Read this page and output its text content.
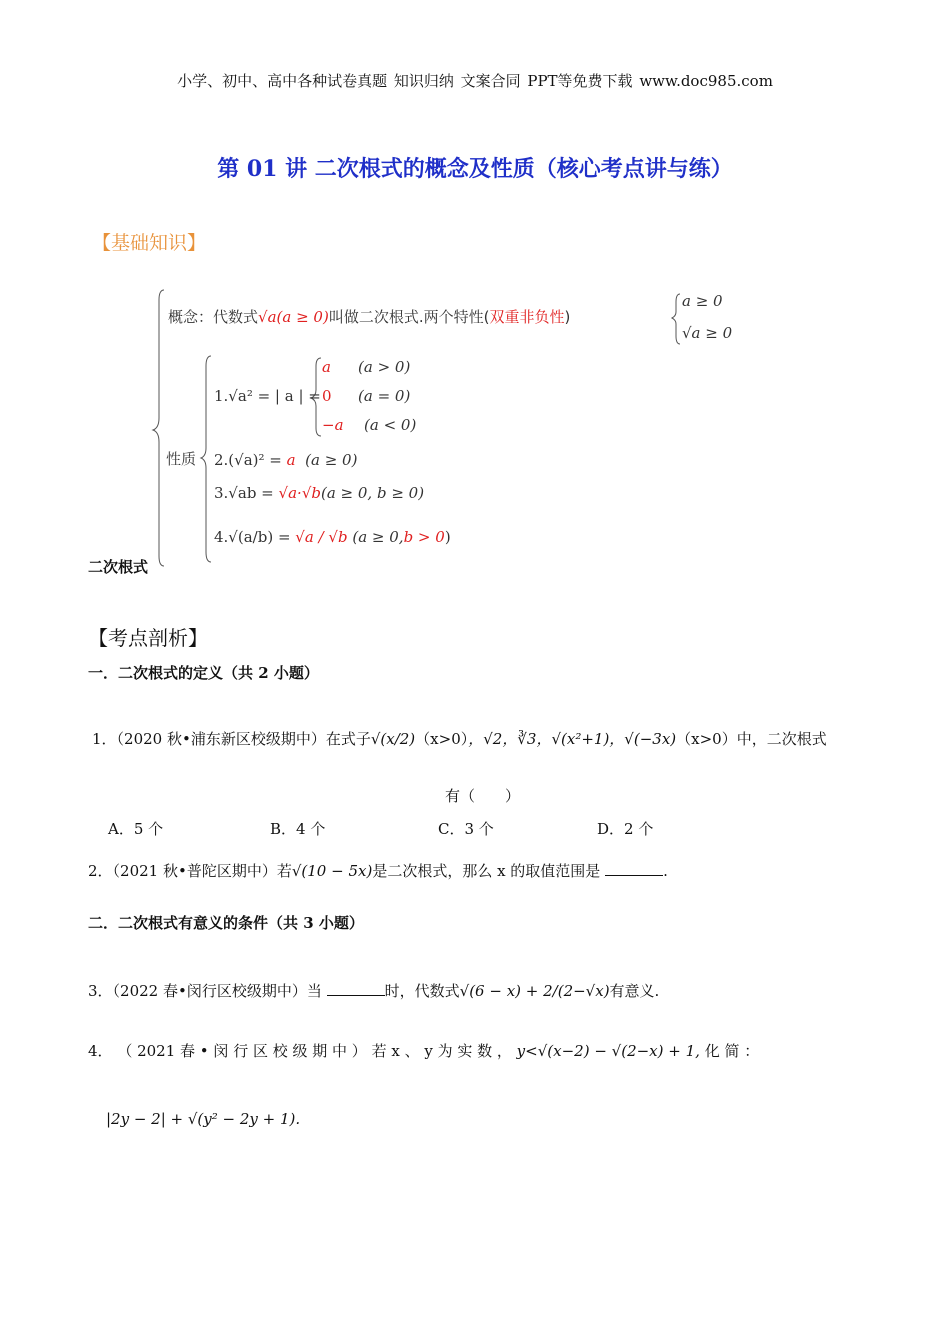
小学、初中、高中各种试卷真题 知识归纳 文案合同 PPT等免费下载 www.doc985.com
第 01 讲 二次根式的概念及性质（核心考点讲与练）
【基础知识】
概念：代数式√a(a ≥ 0)叫做二次根式.两个特性(双重非负性)
a ≥ 0
√a ≥ 0
性质
1.√a² = | a | =
a (a > 0)
0 (a = 0)
−a (a < 0)
2.(√a)² = a (a ≥ 0)
3.√ab = √a·√b(a ≥ 0, b ≥ 0)
4.√(a/b) = √a / √b (a ≥ 0,b > 0)
二次根式
【考点剖析】
一．二次根式的定义（共 2 小题）
1．（2020 秋•浦东新区校级期中）在式子√(x/2)（x>0），√2，∛3，√(x²+1)，√(−3x)（x>0）中，二次根式
有（　　）
A．5 个	B．4 个	C．3 个	D．2 个
2．（2021 秋•普陀区期中）若√(10 − 5x)是二次根式，那么 x 的取值范围是	.
二．二次根式有意义的条件（共 3 小题）
3．（2022 春•闵行区校级期中）当	时，代数式√(6 − x) + 2/(2−√x)有意义.
4． （ 2021 春 • 闵 行 区 校 级 期 中 ） 若 x 、 y 为 实 数 ， y<√(x−2) − √(2−x) + 1, 化 简 ：
|2y − 2| + √(y² − 2y + 1).
